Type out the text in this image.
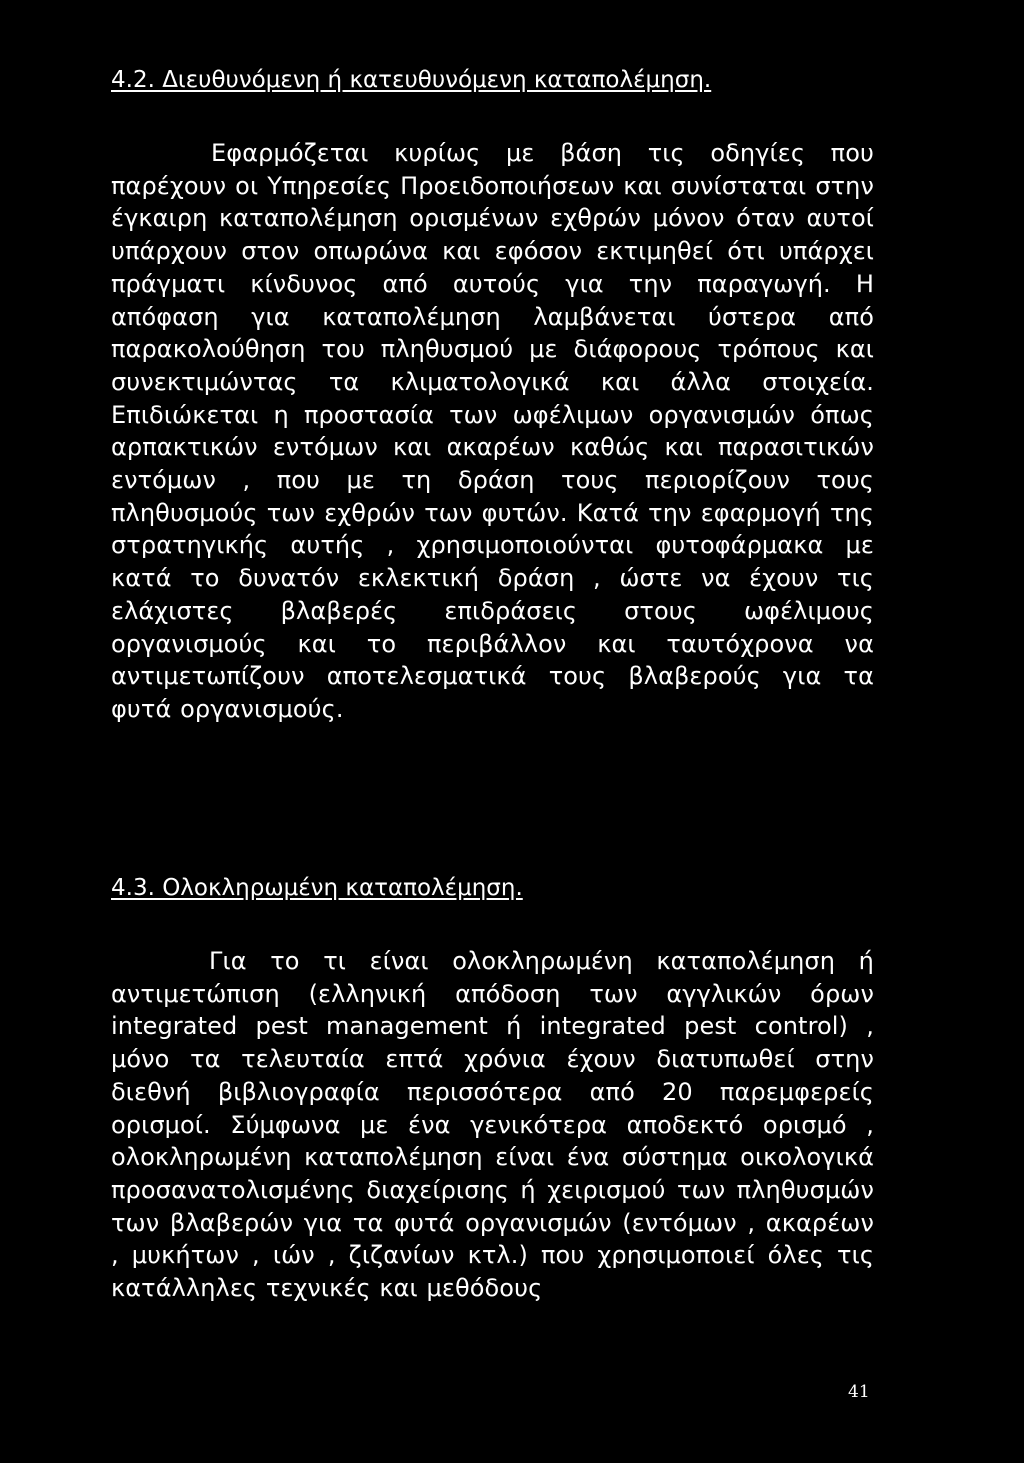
4.2. Διευθυνόμενη ή κατευθυνόμενη καταπολέμηση.

Εφαρμόζεται κυρίως με βάση τις οδηγίες που παρέχουν οι Υπηρεσίες Προειδοποιήσεων και συνίσταται στην έγκαιρη καταπολέμηση ορισμένων εχθρών μόνον όταν αυτοί υπάρχουν στον οπωρώνα και εφόσον εκτιμηθεί ότι υπάρχει πράγματι κίνδυνος από αυτούς για την παραγωγή. Η απόφαση για καταπολέμηση λαμβάνεται ύστερα από παρακολούθηση του πληθυσμού με διάφορους τρόπους και συνεκτιμώντας τα κλιματολογικά και άλλα στοιχεία. Επιδιώκεται η προστασία των ωφέλιμων οργανισμών όπως αρπακτικών εντόμων και ακαρέων καθώς και παρασιτικών εντόμων , που με τη δράση τους περιορίζουν τους πληθυσμούς των εχθρών των φυτών. Κατά την εφαρμογή της στρατηγικής αυτής , χρησιμοποιούνται φυτοφάρμακα με κατά το δυνατόν εκλεκτική δράση , ώστε να έχουν τις ελάχιστες βλαβερές επιδράσεις στους ωφέλιμους οργανισμούς και το περιβάλλον και ταυτόχρονα να αντιμετωπίζουν αποτελεσματικά τους βλαβερούς για τα φυτά οργανισμούς.

4.3. Ολοκληρωμένη καταπολέμηση.

Για το τι είναι ολοκληρωμένη καταπολέμηση ή αντιμετώπιση (ελληνική απόδοση των αγγλικών όρων integrated pest management ή integrated pest control) , μόνο τα τελευταία επτά χρόνια έχουν διατυπωθεί στην διεθνή βιβλιογραφία περισσότερα από 20 παρεμφερείς ορισμοί. Σύμφωνα με ένα γενικότερα αποδεκτό ορισμό , ολοκληρωμένη καταπολέμηση είναι ένα σύστημα οικολογικά προσανατολισμένης διαχείρισης ή χειρισμού των πληθυσμών των βλαβερών για τα φυτά οργανισμών (εντόμων , ακαρέων , μυκήτων , ιών , ζιζανίων κτλ.) που χρησιμοποιεί όλες τις κατάλληλες τεχνικές και μεθόδους

41
